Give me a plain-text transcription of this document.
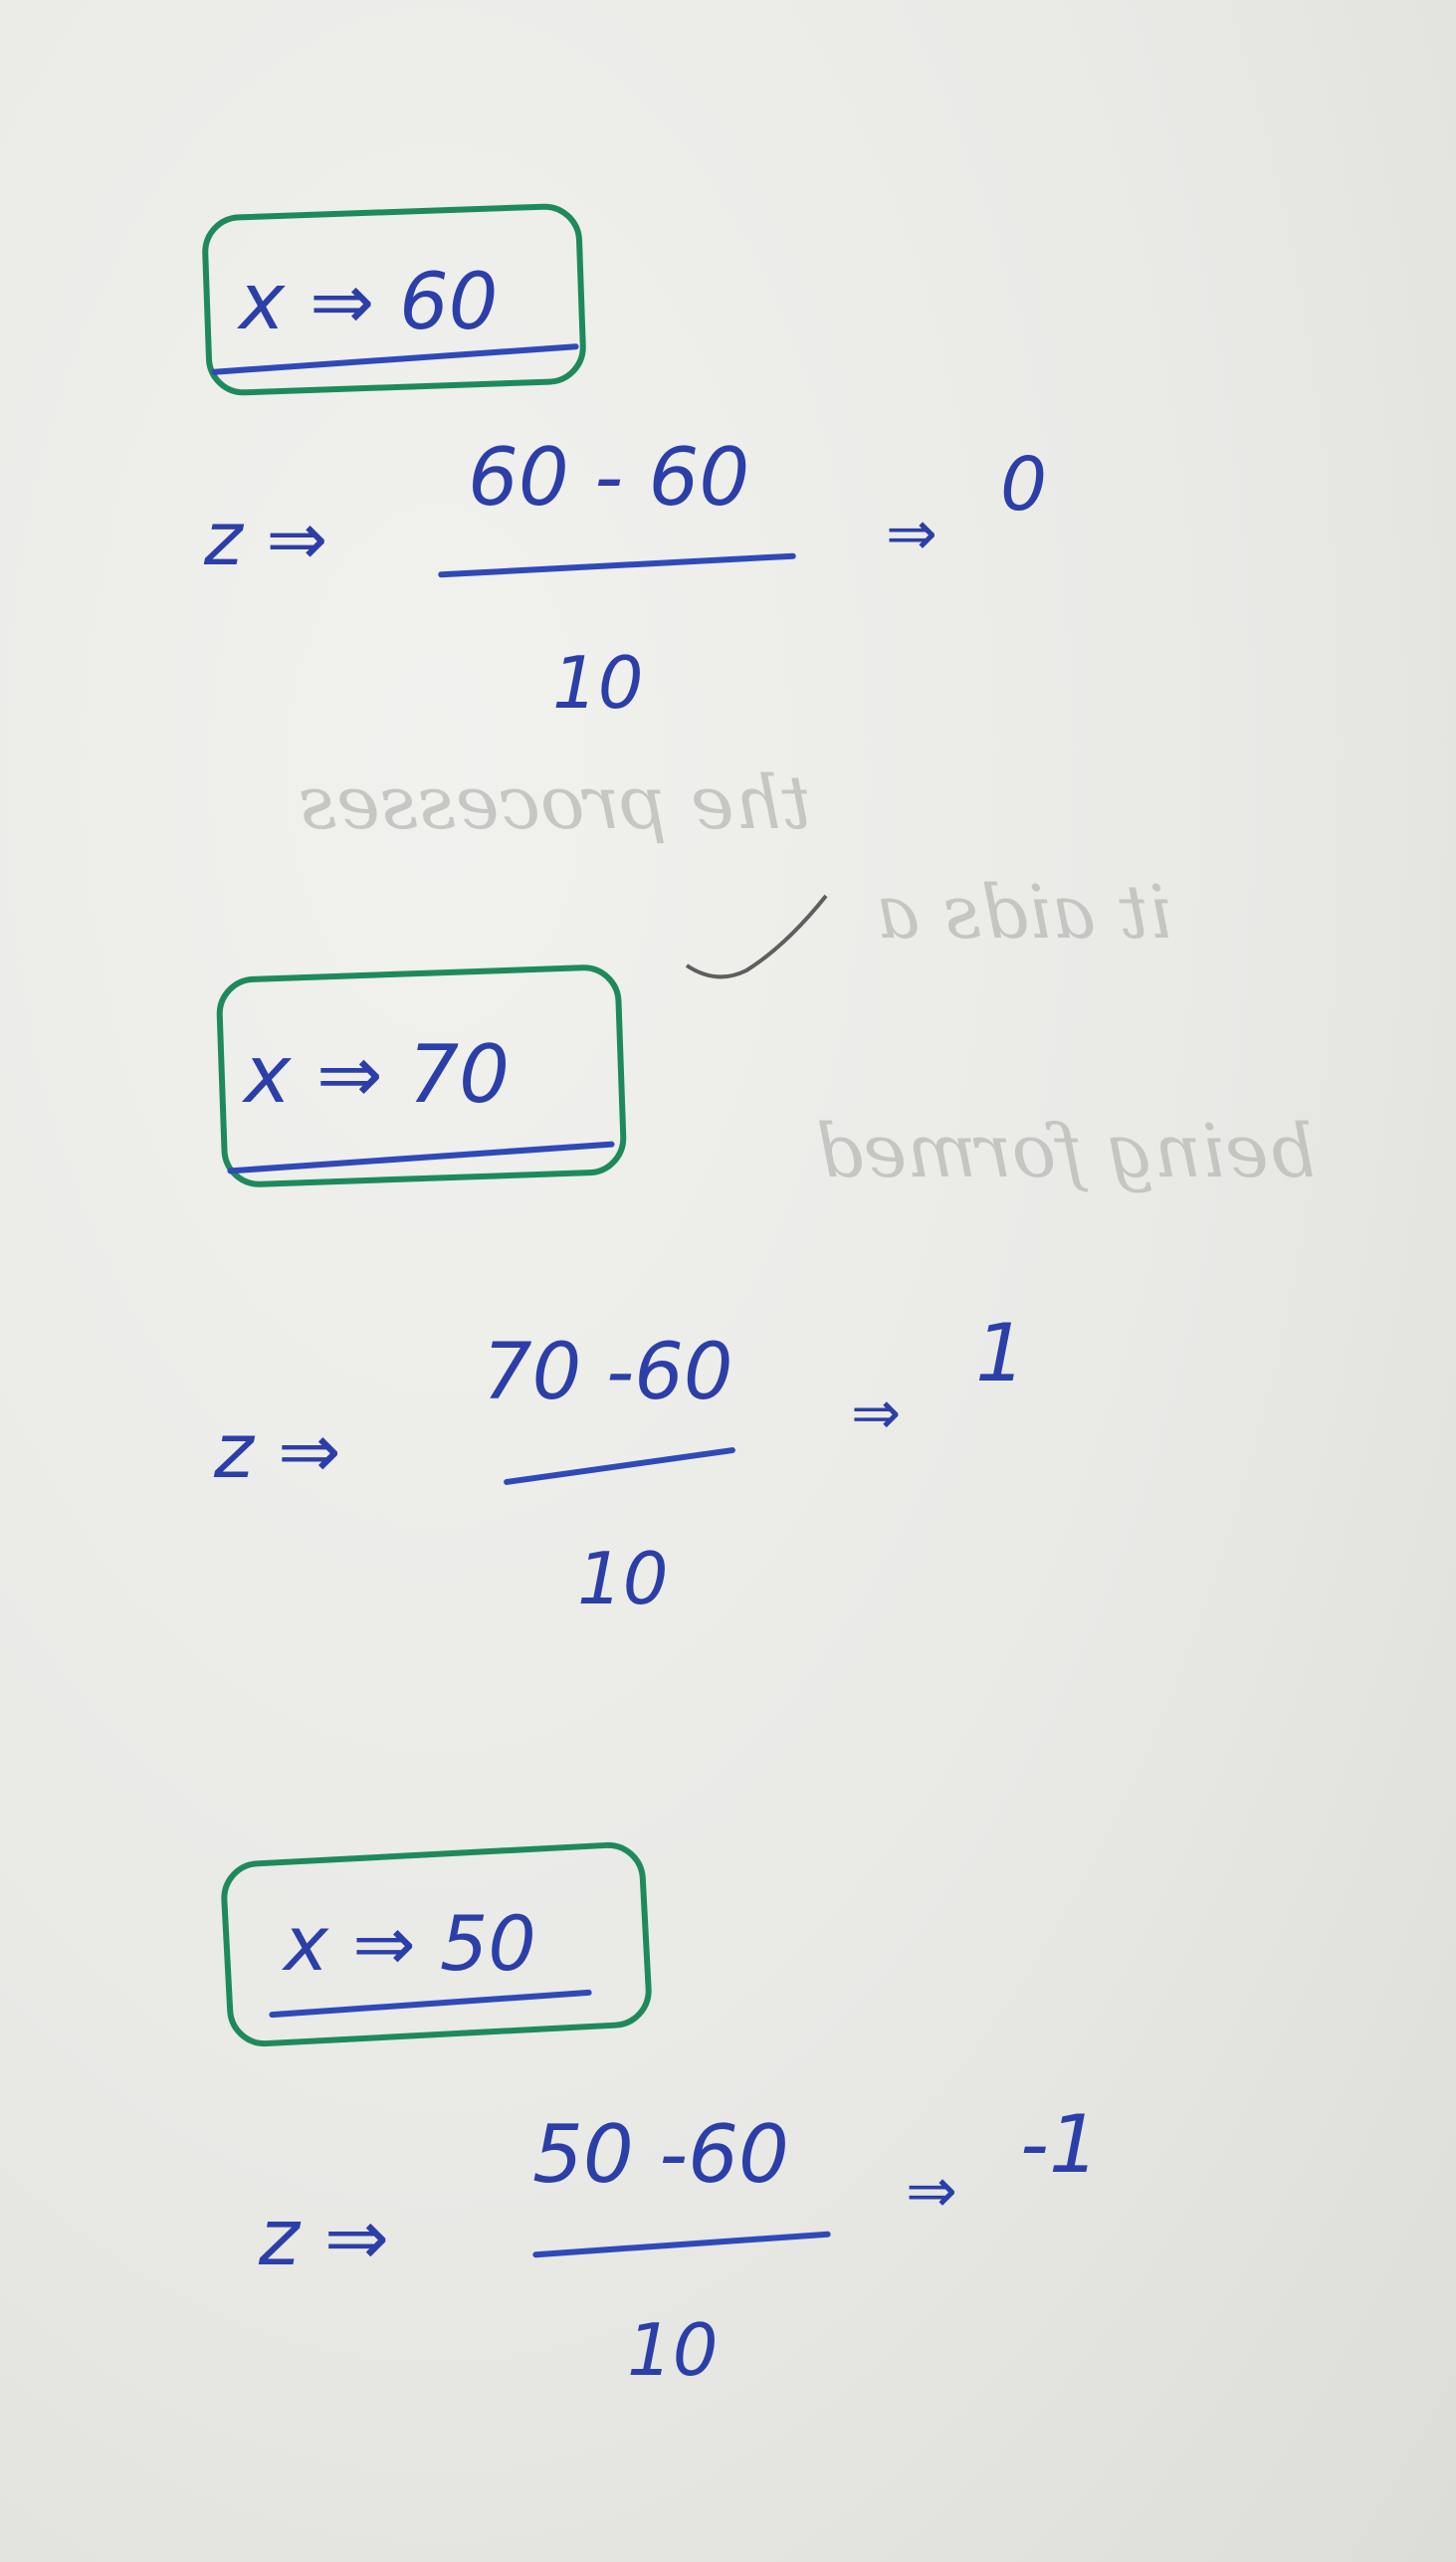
the processes
it aids a
being formed
x ⇒ 60
z ⇒
60 - 60
10
⇒
0
x ⇒ 70
z ⇒
70 -60
10
⇒
1
x ⇒ 50
z ⇒
50 -60
10
⇒ -1
